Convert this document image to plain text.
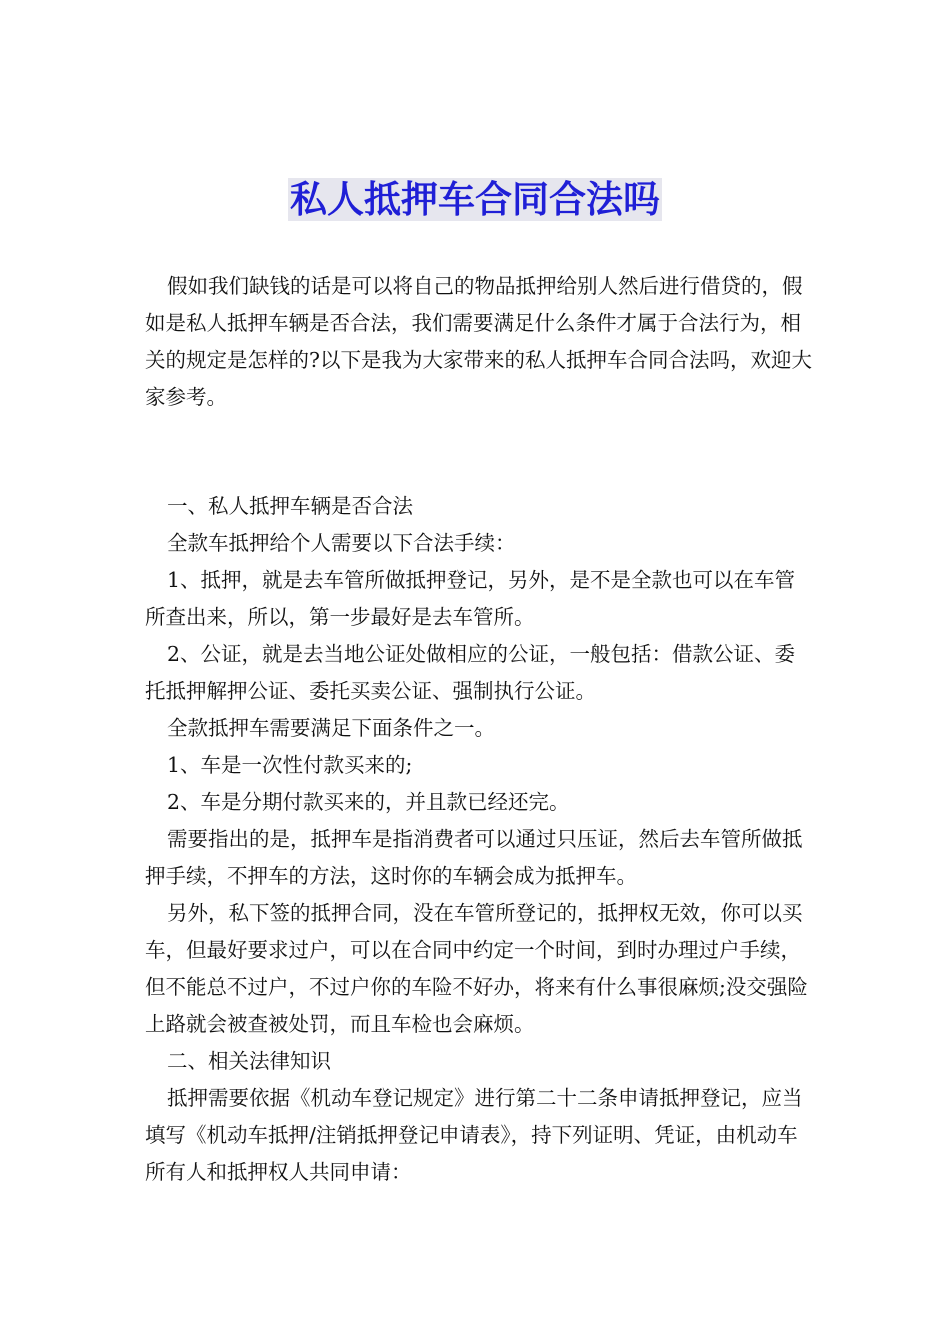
私人抵押车合同合法吗

假如我们缺钱的话是可以将自己的物品抵押给别人然后进行借贷的，假如是私人抵押车辆是否合法，我们需要满足什么条件才属于合法行为，相关的规定是怎样的?以下是我为大家带来的私人抵押车合同合法吗，欢迎大家参考。

一、私人抵押车辆是否合法

全款车抵押给个人需要以下合法手续：

1、抵押，就是去车管所做抵押登记，另外，是不是全款也可以在车管所查出来，所以，第一步最好是去车管所。

2、公证，就是去当地公证处做相应的公证，一般包括：借款公证、委托抵押解押公证、委托买卖公证、强制执行公证。

全款抵押车需要满足下面条件之一。

1、车是一次性付款买来的;

2、车是分期付款买来的，并且款已经还完。

需要指出的是，抵押车是指消费者可以通过只压证，然后去车管所做抵押手续，不押车的方法，这时你的车辆会成为抵押车。

另外，私下签的抵押合同，没在车管所登记的，抵押权无效，你可以买车，但最好要求过户，可以在合同中约定一个时间，到时办理过户手续，但不能总不过户，不过户你的车险不好办，将来有什么事很麻烦;没交强险上路就会被查被处罚，而且车检也会麻烦。

二、相关法律知识

抵押需要依据《机动车登记规定》进行第二十二条申请抵押登记，应当填写《机动车抵押/注销抵押登记申请表》，持下列证明、凭证，由机动车所有人和抵押权人共同申请：
